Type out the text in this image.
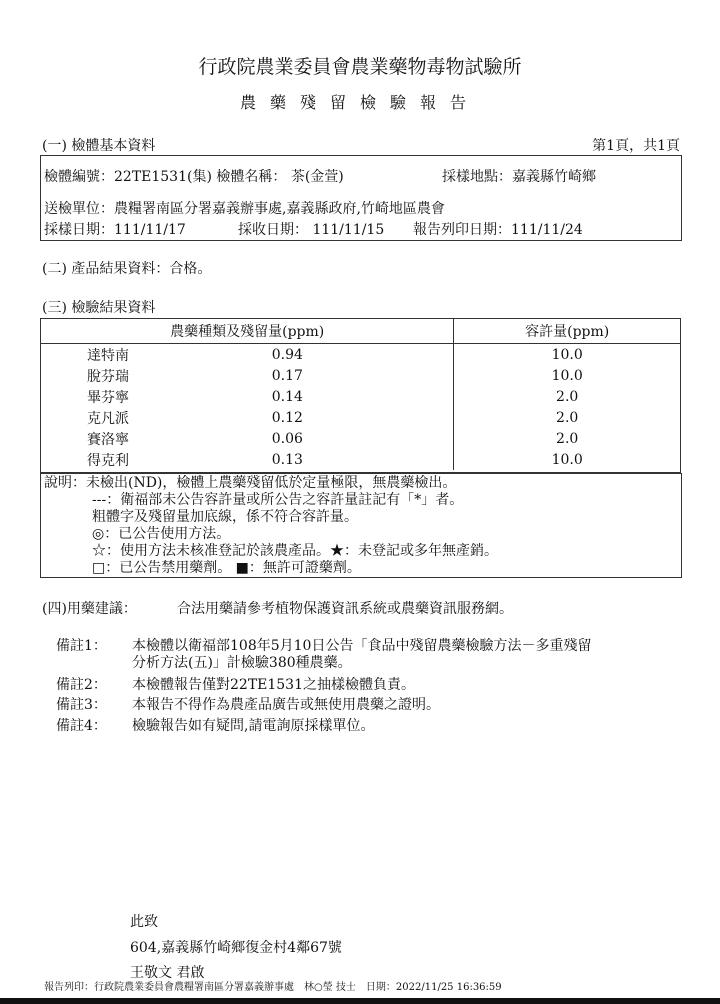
行政院農業委員會農業藥物毒物試驗所
農藥殘留檢驗報告
(一) 檢體基本資料	第1頁，共1頁
檢體編號：22TE1531(集) 檢體名稱： 茶(金萱)	採樣地點：嘉義縣竹崎鄉
送檢單位：農糧署南區分署嘉義辦事處,嘉義縣政府,竹崎地區農會
採樣日期：111/11/17	採收日期： 111/11/15 報告列印日期：111/11/24
(二) 產品結果資料：合格。
(三) 檢驗結果資料
農藥種類及殘留量(ppm)		容許量(ppm)
達特南	0.94	10.0
脫芬瑞	0.17	10.0
畢芬寧	0.14	2.0
克凡派	0.12	2.0
賽洛寧	0.06	2.0
得克利	0.13	10.0

說明：未檢出(ND)，檢體上農藥殘留低於定量極限，無農藥檢出。
---：衛福部未公告容許量或所公告之容許量註記有「*」者。
粗體字及殘留量加底線，係不符合容許量。
◎：已公告使用方法。
☆：使用方法未核准登記於該農產品。★：未登記或多年無產銷。
□：已公告禁用藥劑。 ■：無許可證藥劑。
(四)用藥建議：	合法用藥請參考植物保護資訊系統或農藥資訊服務網。
備註1： 本檢體以衛福部108年5月10日公告「食品中殘留農藥檢驗方法－多重殘留
分析方法(五)」計檢驗380種農藥。
備註2： 本檢體報告僅對22TE1531之抽樣檢體負責。
備註3： 本報告不得作為農產品廣告或無使用農藥之證明。
備註4： 檢驗報告如有疑問,請電詢原採樣單位。
此致
604,嘉義縣竹崎鄉復金村4鄰67號
王敬文 君啟
報告列印：行政院農業委員會農糧署南區分署嘉義辦事處　林○瑩 技士　日期：2022/11/25 16:36:59
